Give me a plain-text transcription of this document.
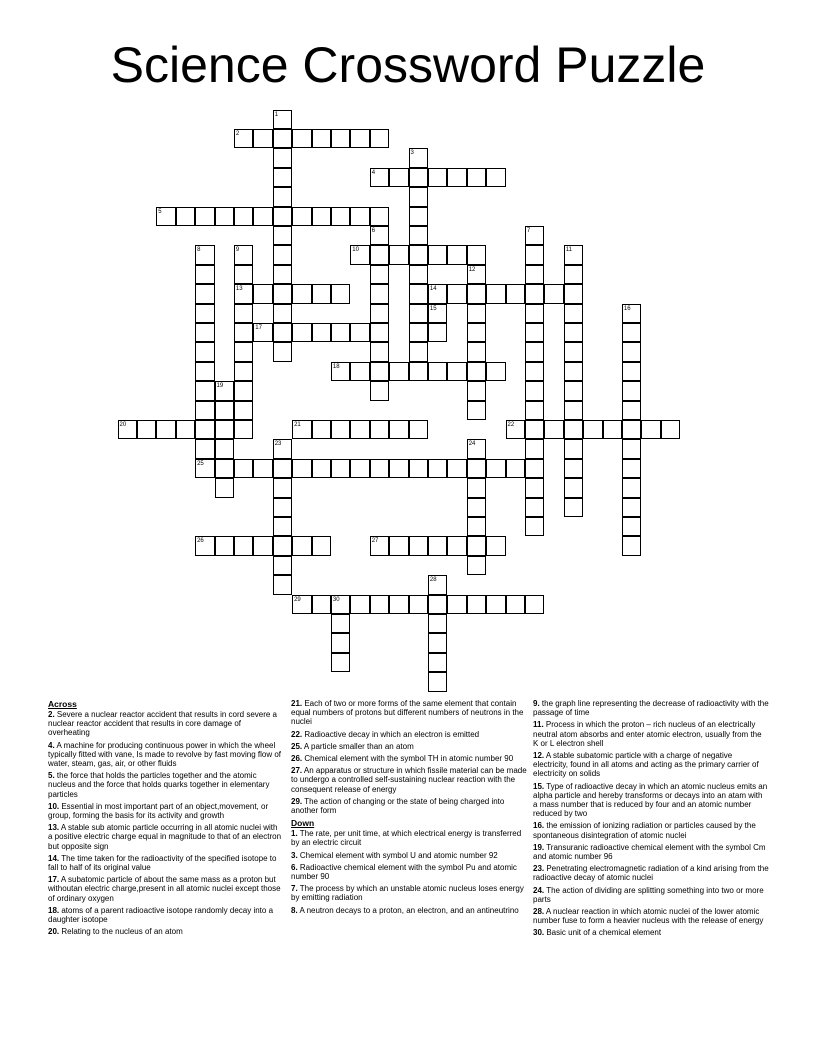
Science Crossword Puzzle
1
2
3
4
5
6	7
8
25
9
13
10	11
12
14
15	16
17
18
19
20	21	22
23	24
26	27
28
29	30
Across
2. Severe a nuclear reactor accident that results in cord severe a nuclear reactor accident that results in core damage of overheating
4. A machine for producing continuous power in which the wheel typically fitted with vane, Is made to revolve by fast moving flow of water, steam, gas, air, or other fluids
5. the force that holds the particles together and the atomic nucleus and the force that holds quarks together in elementary particles
10. Essential in most important part of an object,movement, or group, forming the basis for its activity and growth
13. A stable sub atomic particle occurring in all atomic nuclei with a positive electric charge equal in magnitude to that of an electron but opposite sign
14. The time taken for the radioactivity of the specified isotope to fall to half of its original value
17. A subatomic particle of about the same mass as a proton but withoutan electric charge,present in all atomic nuclei except those of ordinary oxygen
18. atoms of a parent radioactive isotope randomly decay into a daughter isotope
20. Relating to the nucleus of an atom
21. Each of two or more forms of the same element that contain equal numbers of protons but different numbers of neutrons in the nuclei
22. Radioactive decay in which an electron is emitted
25. A particle smaller than an atom
26. Chemical element with the symbol TH in atomic number 90
27. An apparatus or structure in which fissile material can be made to undergo a controlled self-sustaining nuclear reaction with the consequent release of energy
29. The action of changing or the state of being charged into another form
Down
1. The rate, per unit time, at which electrical energy is transferred by an electric circuit
3. Chemical element with symbol U and atomic number 92
6. Radioactive chemical element with the symbol Pu and atomic number 90
7. The process by which an unstable atomic nucleus loses energy by emitting radiation
8. A neutron decays to a proton, an electron, and an antineutrino
9. the graph line representing the decrease of radioactivity with the passage of time
11. Process in which the proton – rich nucleus of an electrically neutral atom absorbs and enter atomic electron, usually from the K or L electron shell
12. A stable subatomic particle with a charge of negative electricity, found in all atoms and acting as the primary carrier of electricity on solids
15. Type of radioactive decay in which an atomic nucleus emits an alpha particle and hereby transforms or decays into an atam with a mass number that is reduced by four and an atomic number reduced by two
16. the emission of ionizing radiation or particles caused by the spontaneous disintegration of atomic nuclei
19. Transuranic radioactive chemical element with the symbol Cm and atomic number 96
23. Penetrating electromagnetic radiation of a kind arising from the radioactive decay of atomic nuclei
24. The action of dividing are splitting something into two or more parts
28. A nuclear reaction in which atomic nuclei of the lower atomic number fuse to form a heavier nucleus with the release of energy
30. Basic unit of a chemical element
